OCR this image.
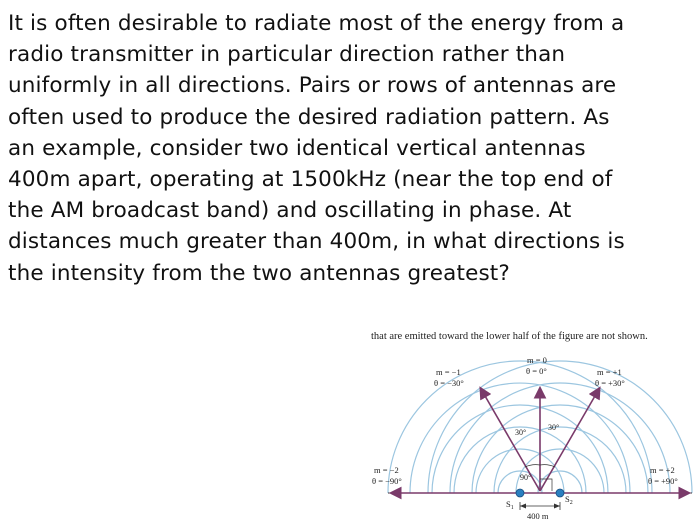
It is often desirable to radiate most of the energy from a
radio transmitter in particular direction rather than
uniformly in all directions. Pairs or rows of antennas are
often used to produce the desired radiation pattern. As
an example, consider two identical vertical antennas
400m apart, operating at 1500kHz (near the top end of
the AM broadcast band) and oscillating in phase. At
distances much greater than 400m, in what directions is
the intensity from the two antennas greatest?
that are emitted toward the lower half of the figure are not shown.
m = 0
θ = 0°
m = −1
θ = −30°
m = +1
θ = +30°
m = −2
θ = −90°
m = +2
θ = +90°
30°
30°
90°
$S_1$
$S_2$
400 m
